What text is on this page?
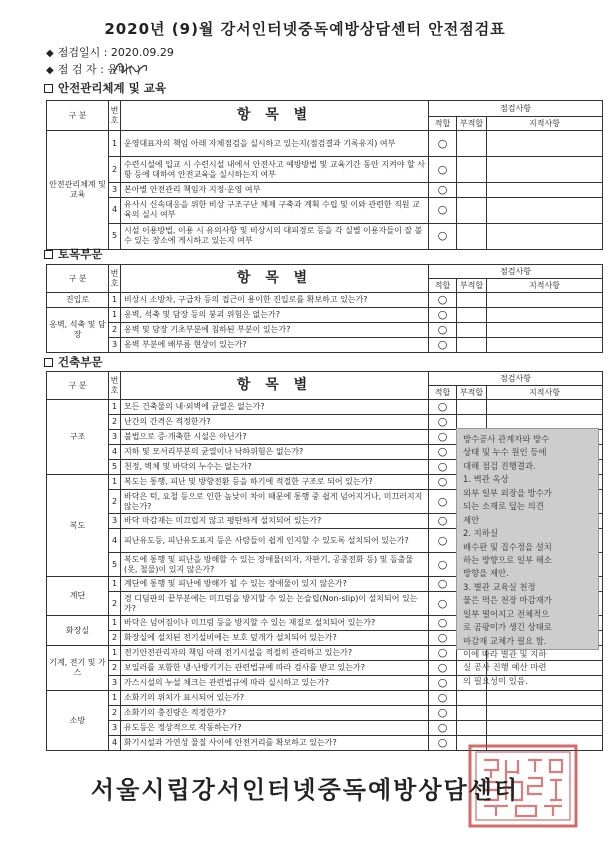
2020년 (9)월 강서인터넷중독예방상담센터 안전점검표
◆ 점검일시 : 2020.09.29
◆ 점 검 자 : 윤미( )
안전관리체계 및 교육
구 분	번호	항 목 별	점검사항		
			적합	부적합	지적사항
안전관리체계 및 교육	1	운영대표자의 책임 아래 자체점검을 실시하고 있는지(점검결과 기록유지) 여부	○		
	2	수련시설에 입교 시 수련시설 내에서 안전사고 예방방법 및 교육기간 동안 지켜야 할 사항 등에 대하여 안전교육을 실시하는지 여부	○		
	3	본아별 안전관리 책임자 지정·운영 여부	○		
	4	유사시 신속대응을 위한 비상 구조구난 체제 구축과 계획 수립 및 이와 관련한 직원 교육의 실시 여부	○		
	5	시설 이용방법, 이용 시 유의사항 및 비상시의 대피경로 등을 각 실별 이용자들이 잘 볼 수 있는 장소에 게시하고 있는지 여부	○		
토목부문
구 분	번호	항 목 별	점검사항		
			적합	부적합	지적사항
진입로	1	비상시 소방차, 구급차 등의 접근이 용이한 진입로를 확보하고 있는가?	○		
옹벽, 석축 및 담장	1	옹벽, 석축 및 담장 등의 붕괴 위험은 없는가?	○		
	2	옹벽 및 담장 기초부분에 침하된 부분이 있는가?	○		
	3	옹벽 부분에 배부름 현상이 있는가?	○		
건축부문
구 분	번호	항 목 별	점검사항		
			적합	부적합	지적사항
구조	1	모든 건축물의 내·외벽에 균열은 없는가?	○		
	2	난간의 간격은 적정한가?	○		
	3	불법으로 증·개축한 시설은 아닌가?	○		
	4	지하 및 모서리부분의 균열이나 낙하위험은 없는가?	○		
	5	천정, 벽체 및 바닥의 누수는 없는가?	○		
복도	1	복도는 통행, 피난 및 방향전환 등을 하기에 적절한 구조로 되어 있는가?	○		
	2	바닥은 턱, 요철 등으로 인한 높낮이 차이 때문에 통행 중 쉽게 넘어지거나, 미끄러지지 않는가?	○		
	3	바닥 마감재는 미끄럽지 않고 평탄하게 설치되어 있는가?	○		
	4	피난유도등, 피난유도표지 등은 사람들이 쉽게 인지할 수 있도록 설치되어 있는가?	○		
	5	복도에 통행 및 피난을 방해할 수 있는 장애물(의자, 자판기, 공중전화 등) 및 돌출물(못, 철물)이 있지 않은가?	○		
계단	1	계단에 통행 및 피난에 방해가 될 수 있는 장애물이 있지 않은가?	○		
	2	경 디딤판의 끝부분에는 미끄럼을 방지할 수 있는 논슬립(Non-slip)이 설치되어 있는가?	○		
화장실	1	바닥은 넘어짐이나 미끄럼 등을 방지할 수 있는 재질로 설치되어 있는가?	○		
	2	화장실에 설치된 전기설비에는 보호 덮개가 설치되어 있는가?	○		
기계, 전기 및 가스	1	전기안전관리자의 책임 아래 전기시설을 적절히 관리하고 있는가?	○		
	2	보일러를 포함한 냉·난방기기는 관련법규에 따라 검사를 받고 있는가?	○		
	3	가스시설의 누설 체크는 관련법규에 따라 실시하고 있는가?	○		
소방	1	소화기의 위치가 표시되어 있는가?	○		
	2	소화기의 충진량은 적정한가?	○		
	3	유도등은 정상적으로 작동하는가?	○		
	4	화기시설과 가연성 물질 사이에 안전거리를 확보하고 있는가?	○		
방수공사 관계자와 방수
상태 및 누수 원인 등에
대해 점검 진행결과.
1. 벽관 옥상
외부 일부 외장을 방수가
되는 소재로 덮는 의견
제안
2. 지하실
배수판 및 집수정을 설치
하는 방향으로 일부 해소
방향을 제안.
3. 별관 교육실 천정
물은 먹은 천장 마감재가
일부 떨어지고 전체적으
로 곰팡이가 생긴 상태로
마감재 교체가 필요 함.
이에 따라 별관 및 지하
실 공사 진행 예산 마련
의 필요성이 있음.
서울시립강서인터넷중독예방상담센터
